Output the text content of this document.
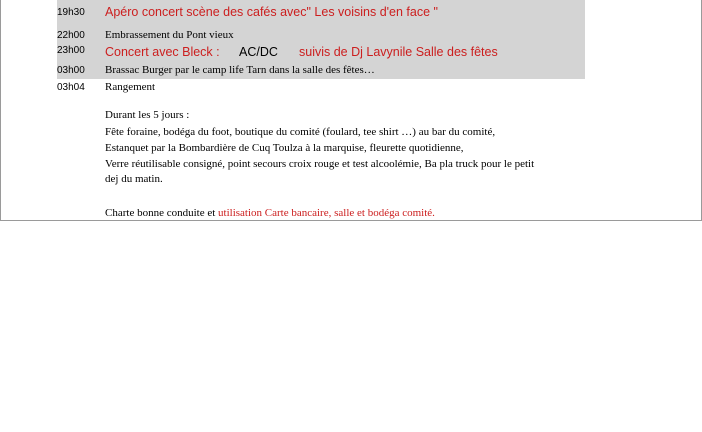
19h30 Apéro concert scène des cafés avec" Les voisins d'en face "
22h00 Embrassement du Pont vieux
23h00 Concert avec Bleck : AC/DC suivis de Dj Lavynile Salle des fêtes
03h00 Brassac Burger par le camp life Tarn dans la salle des fêtes…
03h04 Rangement
Durant les 5 jours :
Fête foraine, bodéga du foot, boutique du comité (foulard, tee shirt …) au bar du comité,
Estanquet par la Bombardière de Cuq Toulza à la marquise, fleurette quotidienne,
Verre réutilisable consigné, point secours croix rouge et test alcoolémie, Ba pla truck pour le petit
dej du matin.
Charte bonne conduite et utilisation Carte bancaire, salle et bodéga comité.
